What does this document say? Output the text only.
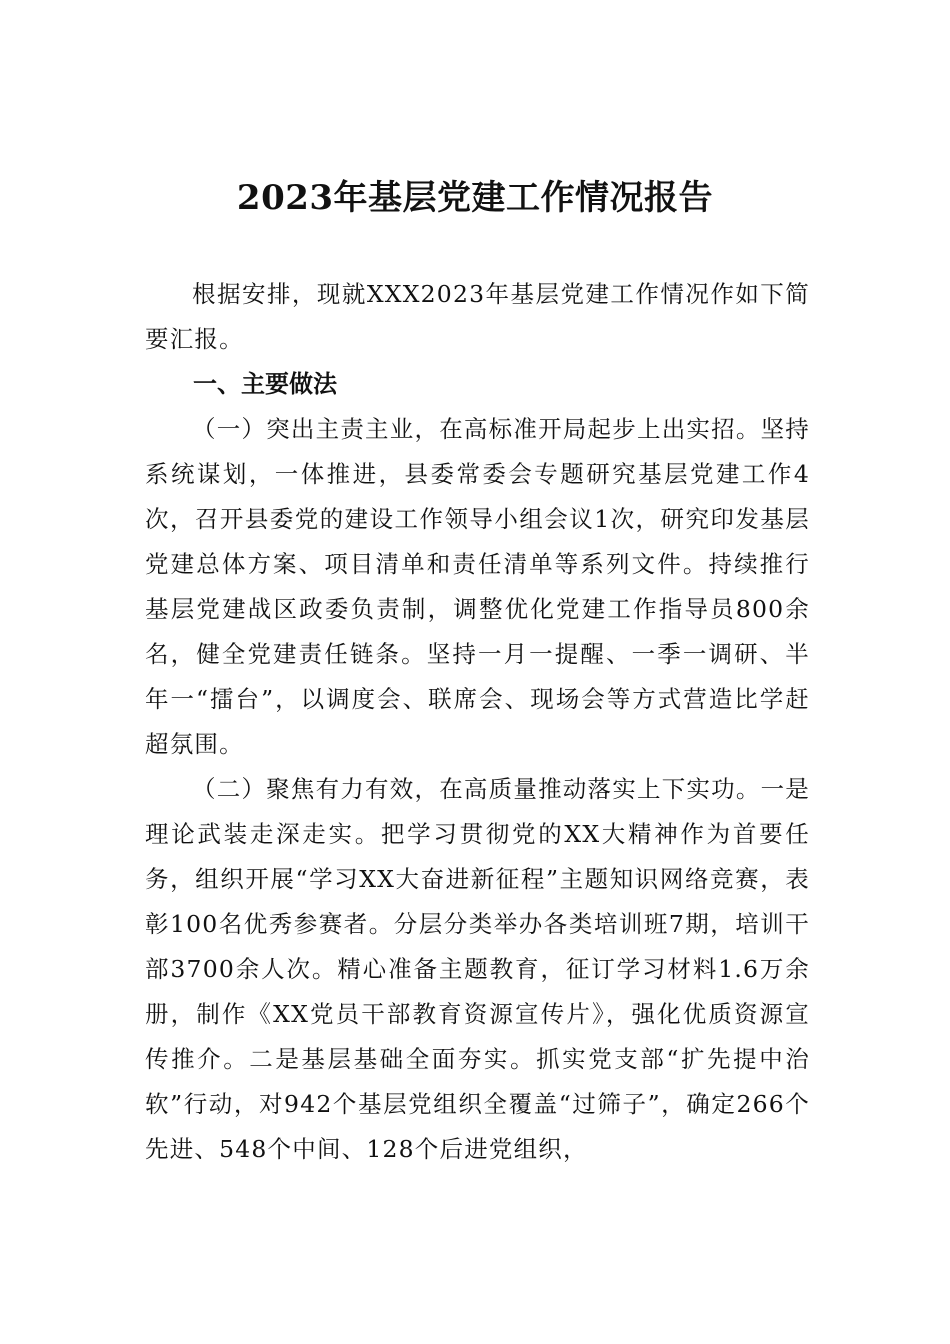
2023年基层党建工作情况报告

根据安排，现就XXX2023年基层党建工作情况作如下简要汇报。

一、主要做法

（一）突出主责主业，在高标准开局起步上出实招。坚持系统谋划，一体推进，县委常委会专题研究基层党建工作4次，召开县委党的建设工作领导小组会议1次，研究印发基层党建总体方案、项目清单和责任清单等系列文件。持续推行基层党建战区政委负责制，调整优化党建工作指导员800余名，健全党建责任链条。坚持一月一提醒、一季一调研、半年一“擂台”，以调度会、联席会、现场会等方式营造比学赶超氛围。

（二）聚焦有力有效，在高质量推动落实上下实功。一是理论武装走深走实。把学习贯彻党的XX大精神作为首要任务，组织开展“学习XX大奋进新征程”主题知识网络竞赛，表彰100名优秀参赛者。分层分类举办各类培训班7期，培训干部3700余人次。精心准备主题教育，征订学习材料1.6万余册，制作《XX党员干部教育资源宣传片》，强化优质资源宣传推介。二是基层基础全面夯实。抓实党支部“扩先提中治软”行动，对942个基层党组织全覆盖“过筛子”，确定266个先进、548个中间、128个后进党组织，
